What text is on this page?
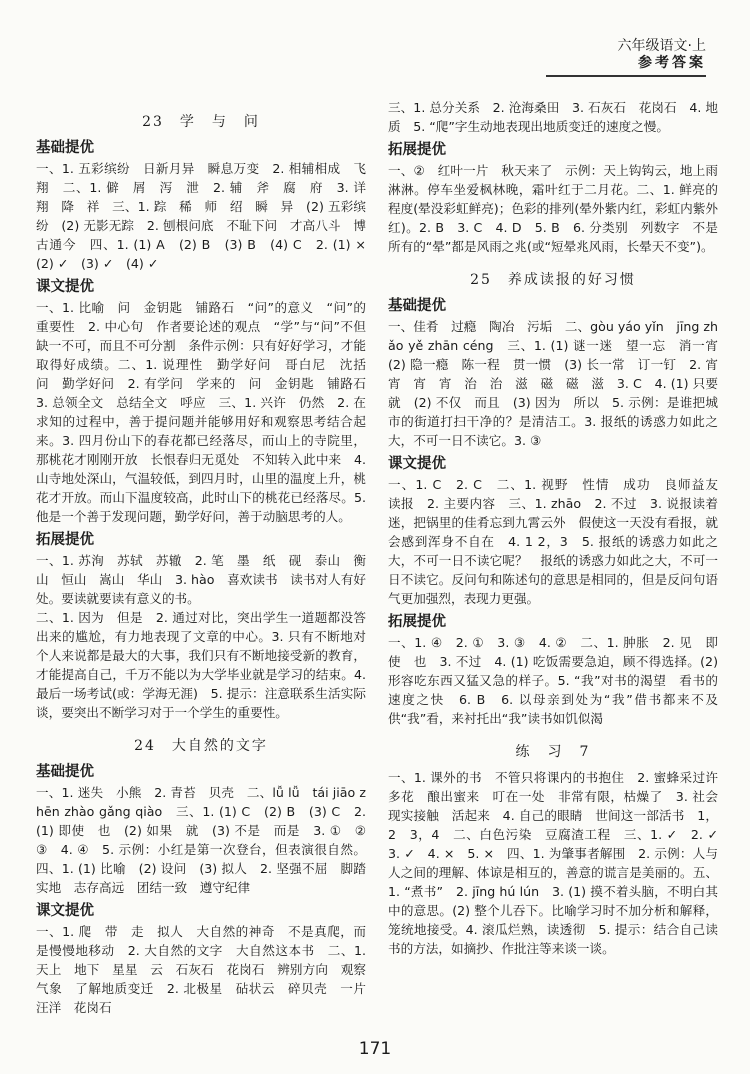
六年级语文·上
参考答案
23　学　与　问
基础提优

一、1. 五彩缤纷　日新月异　瞬息万变　2. 相辅相成　飞翔　二、1. 僻　屑　泻　泄　2. 辅　斧　腐　府　3. 详　翔　降　祥　三、1. 踪　稀　师　绍　瞬　异　(2) 五彩缤纷　(2) 无影无踪　2. 刨根问底　不耻下问　才高八斗　博古通今　四、1. (1) A　(2) B　(3) B　(4) C　2. (1) ×　(2) ✓　(3) ✓　(4) ✓

课文提优

一、1. 比喻　问　金钥匙　铺路石　“问”的意义　“问”的重要性　2. 中心句　作者要论述的观点　“学”与“问”不但缺一不可，而且不可分割　条件示例：只有好好学习，才能取得好成绩。二、1. 说理性　勤学好问　哥白尼　沈括　问　勤学好问　2. 有学问　学来的　问　金钥匙　铺路石　3. 总领全文　总结全文　呼应　三、1. 兴许　仍然　2. 在求知的过程中，善于提问题并能够用好和观察思考结合起来。3. 四月份山下的春花都已经落尽，而山上的寺院里，那桃花才刚刚开放　长恨春归无觅处　不知转入此中来　4. 山寺地处深山，气温较低，到四月时，山里的温度上升，桃花才开放。而山下温度较高，此时山下的桃花已经落尽。5. 他是一个善于发现问题，勤学好问，善于动脑思考的人。

拓展提优

一、1. 苏洵　苏轼　苏辙　2. 笔　墨　纸　砚　泰山　衡山　恒山　嵩山　华山　3. hào　喜欢读书　读书对人有好处。要读就要读有意义的书。

二、1. 因为　但是　2. 通过对比，突出学生一道题都没答出来的尴尬，有力地表现了文章的中心。3. 只有不断地对个人来说都是最大的大事，我们只有不断地接受新的教育，才能提高自己，千万不能以为大学毕业就是学习的结束。4. 最后一场考试(或：学海无涯)　5. 提示：注意联系生活实际谈，要突出不断学习对于一个学生的重要性。

24　大自然的文字
基础提优

一、1. 迷失　小熊　2. 青苔　贝壳　二、lǚ lǚ　tái jiāo zhēn zhào gǎng qiào　三、1. (1) C　(2) B　(3) C　2. (1) 即使　也　(2) 如果　就　(3) 不是　而是　3. ①　②　③　4. ④　5. 示例：小红是第一次登台，但表演很自然。四、1. (1) 比喻　(2) 设问　(3) 拟人　2. 坚强不屈　脚踏实地　志存高远　团结一致　遵守纪律

课文提优

一、1. 爬　带　走　拟人　大自然的神奇　不是真爬，而是慢慢地移动　2. 大自然的文字　大自然这本书　二、1. 天上　地下　星星　云　石灰石　花岗石　辨别方向　观察气象　了解地质变迁　2. 北极星　砧状云　碎贝壳　一片汪洋　花岗石

三、1. 总分关系　2. 沧海桑田　3. 石灰石　花岗石　4. 地质　5. “爬”字生动地表现出地质变迁的速度之慢。

拓展提优

一、②　红叶一片　秋天来了　示例：天上钩钩云，地上雨淋淋。停车坐爱枫林晚，霜叶红于二月花。二、1. 鲜亮的程度(晕没彩虹鲜亮)；色彩的排列(晕外紫内红，彩虹内紫外红)。2. B　3. C　4. D　5. B　6. 分类别　列数字　不是所有的“晕”都是风雨之兆(或“短晕兆风雨，长晕天不变”)。

25　养成读报的好习惯
基础提优

一、佳肴　过瘾　陶冶　污垢　二、gòu yáo yǐn　jīng zhǎo yě zhān céng　三、1. (1) 谜一迷　望一忘　消一宵　(2) 隐一瘾　陈一程　贯一惯　(3) 长一常　订一钉　2. 宵　宵　宵　宵　治　治　滋　磁　磁　滋　3. C　4. (1) 只要　就　(2) 不仅　而且　(3) 因为　所以　5. 示例：是谁把城市的街道打扫干净的？是清洁工。3. 报纸的诱惑力如此之大，不可一日不读它。3. ③

课文提优

一、1. C　2. C　二、1. 视野　性情　成功　良师益友　读报　2. 主要内容　三、1. zhāo　2. 不过　3. 说报读着迷，把锅里的佳肴忘到九霄云外　假使这一天没有看报，就会感到浑身不自在　4. 1 2，3　5. 报纸的诱惑力如此之大，不可一日不读它呢？　报纸的诱惑力如此之大，不可一日不读它。反问句和陈述句的意思是相同的，但是反问句语气更加强烈，表现力更强。

拓展提优

一、1. ④　2. ①　3. ③　4. ②　二、1. 肿胀　2. 见　即使　也　3. 不过　4. (1) 吃饭需要急迫，顾不得选择。(2) 形容吃东西又猛又急的样子。5. “我”对书的渴望　看书的速度之快　6. B　6. 以母亲到处为“我”借书都来不及供“我”看，来衬托出“我”读书如饥似渴

练　习　7

一、1. 课外的书　不管只将课内的书抱住　2. 蜜蜂采过许多花　酿出蜜来　叮在一处　非常有限，枯燥了　3. 社会现实接触　活起来　4. 自己的眼睛　世间这一部活书　1，2　3，4　二、白色污染　豆腐渣工程　三、1. ✓　2. ✓　3. ✓　4. ×　5. ×　四、1. 为肇事者解围　2. 示例：人与人之间的理解、体谅是相互的，善意的谎言是美丽的。五、1. “煮书”　2. jīng hú lún　3. (1) 摸不着头脑，不明白其中的意思。(2) 整个儿吞下。比喻学习时不加分析和解释，笼统地接受。4. 滚瓜烂熟，读透彻　5. 提示：结合自己读书的方法，如摘抄、作批注等来谈一谈。

171
